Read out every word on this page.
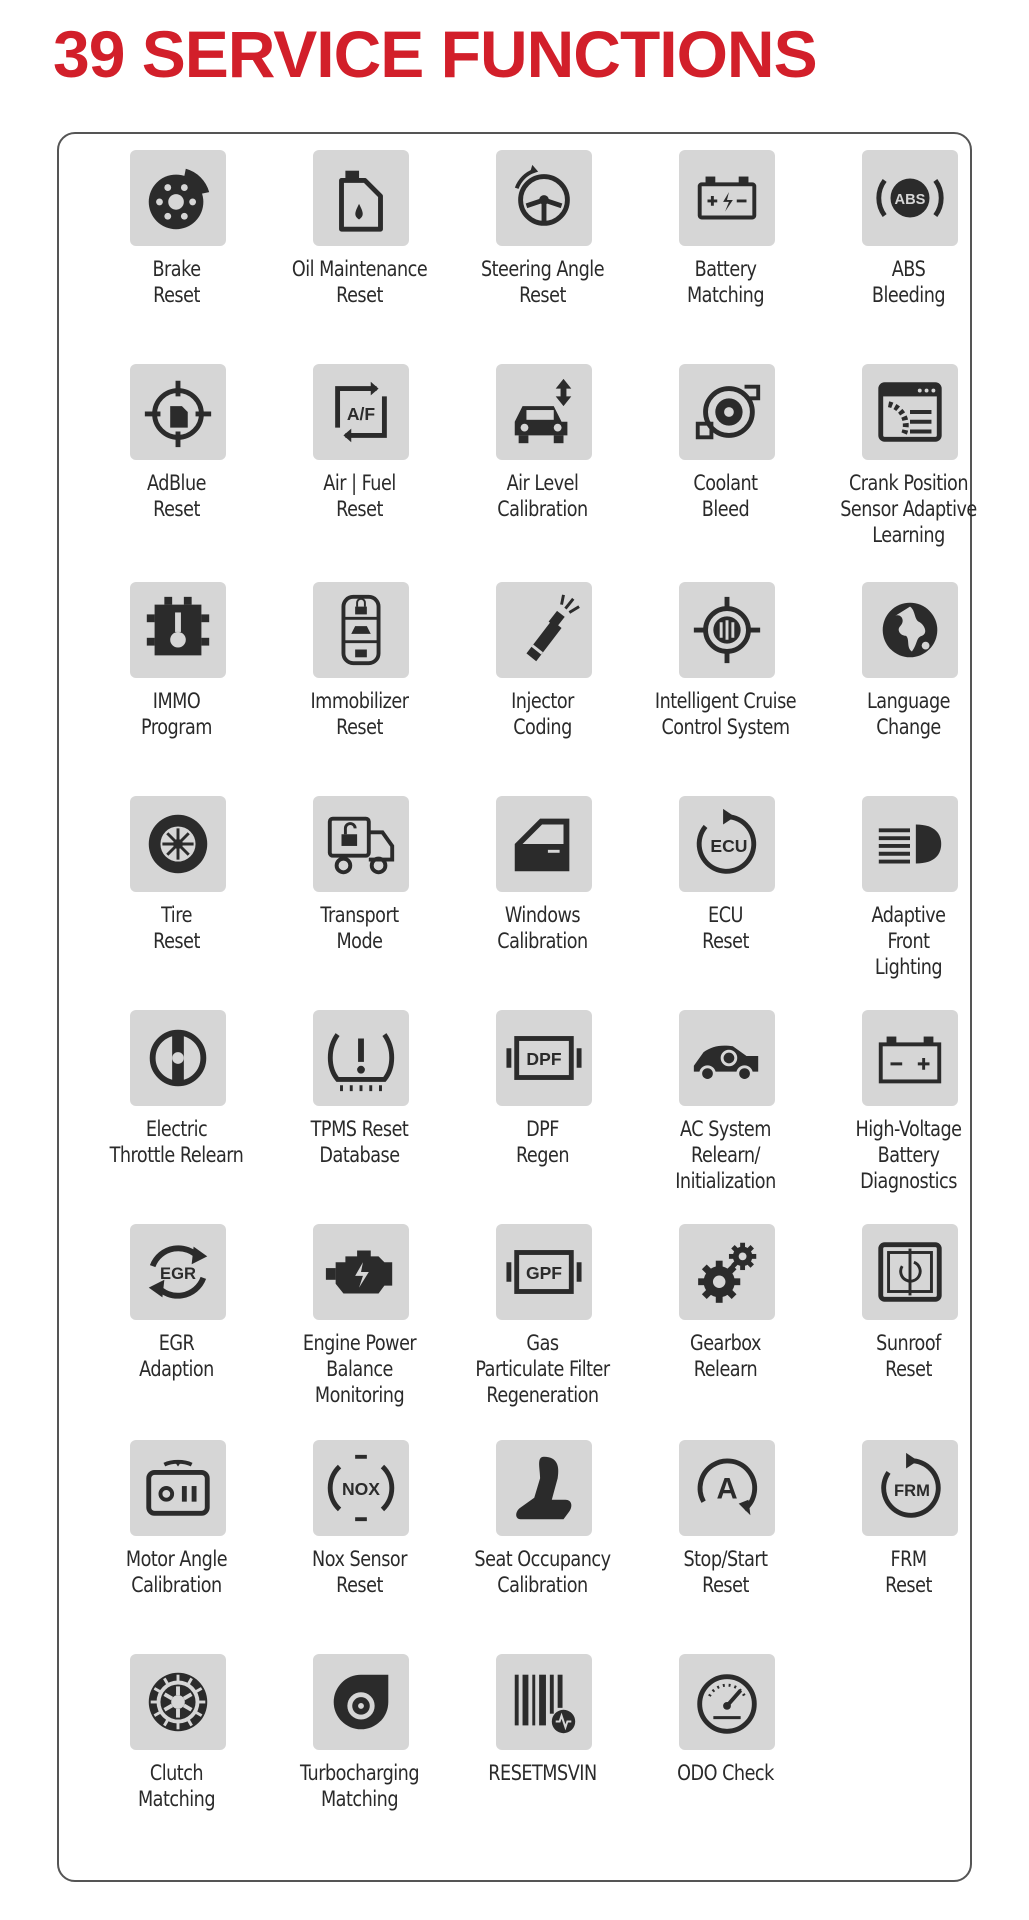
39 SERVICE FUNCTIONS
Brake
Reset
Oil Maintenance
Reset
Steering Angle
Reset
Battery
Matching
ABS
ABS
Bleeding
AdBlue
Reset
A/F
Air | Fuel
Reset
Air Level
Calibration
Coolant
Bleed
Crank Position
Sensor Adaptive
Learning
IMMO
Program
Immobilizer
Reset
Injector
Coding
Intelligent Cruise
Control System
Language
Change
Tire
Reset
Transport
Mode
Windows
Calibration
ECU
ECU
Reset
Adaptive
Front
Lighting
Electric
Throttle Relearn
TPMS Reset
Database
DPF
DPF
Regen
AC System
Relearn/
Initialization
High-Voltage
Battery
Diagnostics
EGR
EGR
Adaption
Engine Power
Balance
Monitoring
GPF
Gas
Particulate Filter
Regeneration
Gearbox
Relearn
Sunroof
Reset
Motor Angle
Calibration
NOX
Nox Sensor
Reset
Seat Occupancy
Calibration
A
Stop/Start
Reset
FRM
FRM
Reset
Clutch
Matching
Turbocharging
Matching
RESETMSVIN	ODO Check
